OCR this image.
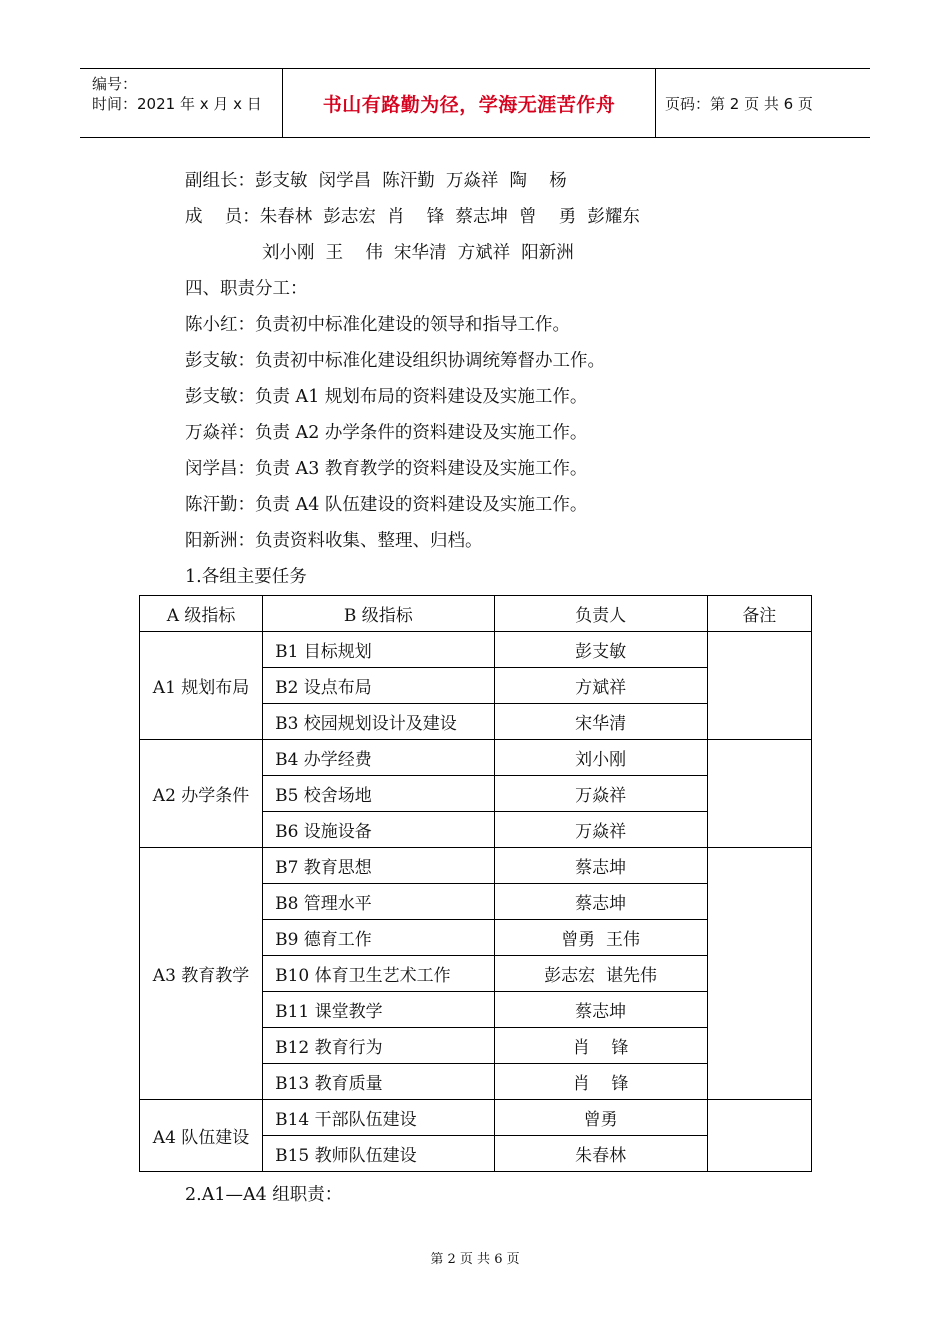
编号：
时间：2021 年 x 月 x 日	书山有路勤为径，学海无涯苦作舟	页码：第 2 页 共 6 页
副组长：彭支敏  闵学昌  陈汗勤  万焱祥  陶    杨
成    员：朱春林  彭志宏  肖    锋  蔡志坤  曾    勇  彭耀东
刘小刚  王    伟  宋华清  方斌祥  阳新洲
四、职责分工：
陈小红：负责初中标准化建设的领导和指导工作。
彭支敏：负责初中标准化建设组织协调统筹督办工作。
彭支敏：负责 A1 规划布局的资料建设及实施工作。
万焱祥：负责 A2 办学条件的资料建设及实施工作。
闵学昌：负责 A3 教育教学的资料建设及实施工作。
陈汗勤：负责 A4 队伍建设的资料建设及实施工作。
阳新洲：负责资料收集、整理、归档。
1.各组主要任务
A 级指标	B 级指标	负责人	备注
A1 规划布局	B1 目标规划	彭支敏	
	B2 设点布局	方斌祥	
	B3 校园规划设计及建设	宋华清	
A2 办学条件	B4 办学经费	刘小刚	
	B5 校舍场地	万焱祥	
	B6 设施设备	万焱祥	
A3 教育教学	B7 教育思想	蔡志坤	
	B8 管理水平	蔡志坤	
	B9 德育工作	曾勇  王伟	
	B10 体育卫生艺术工作	彭志宏  谌先伟	
	B11 课堂教学	蔡志坤	
	B12 教育行为	肖    锋	
	B13 教育质量	肖    锋	
A4 队伍建设	B14 干部队伍建设	曾勇	
	B15 教师队伍建设	朱春林	
2.A1—A4 组职责：
第 2 页 共 6 页
